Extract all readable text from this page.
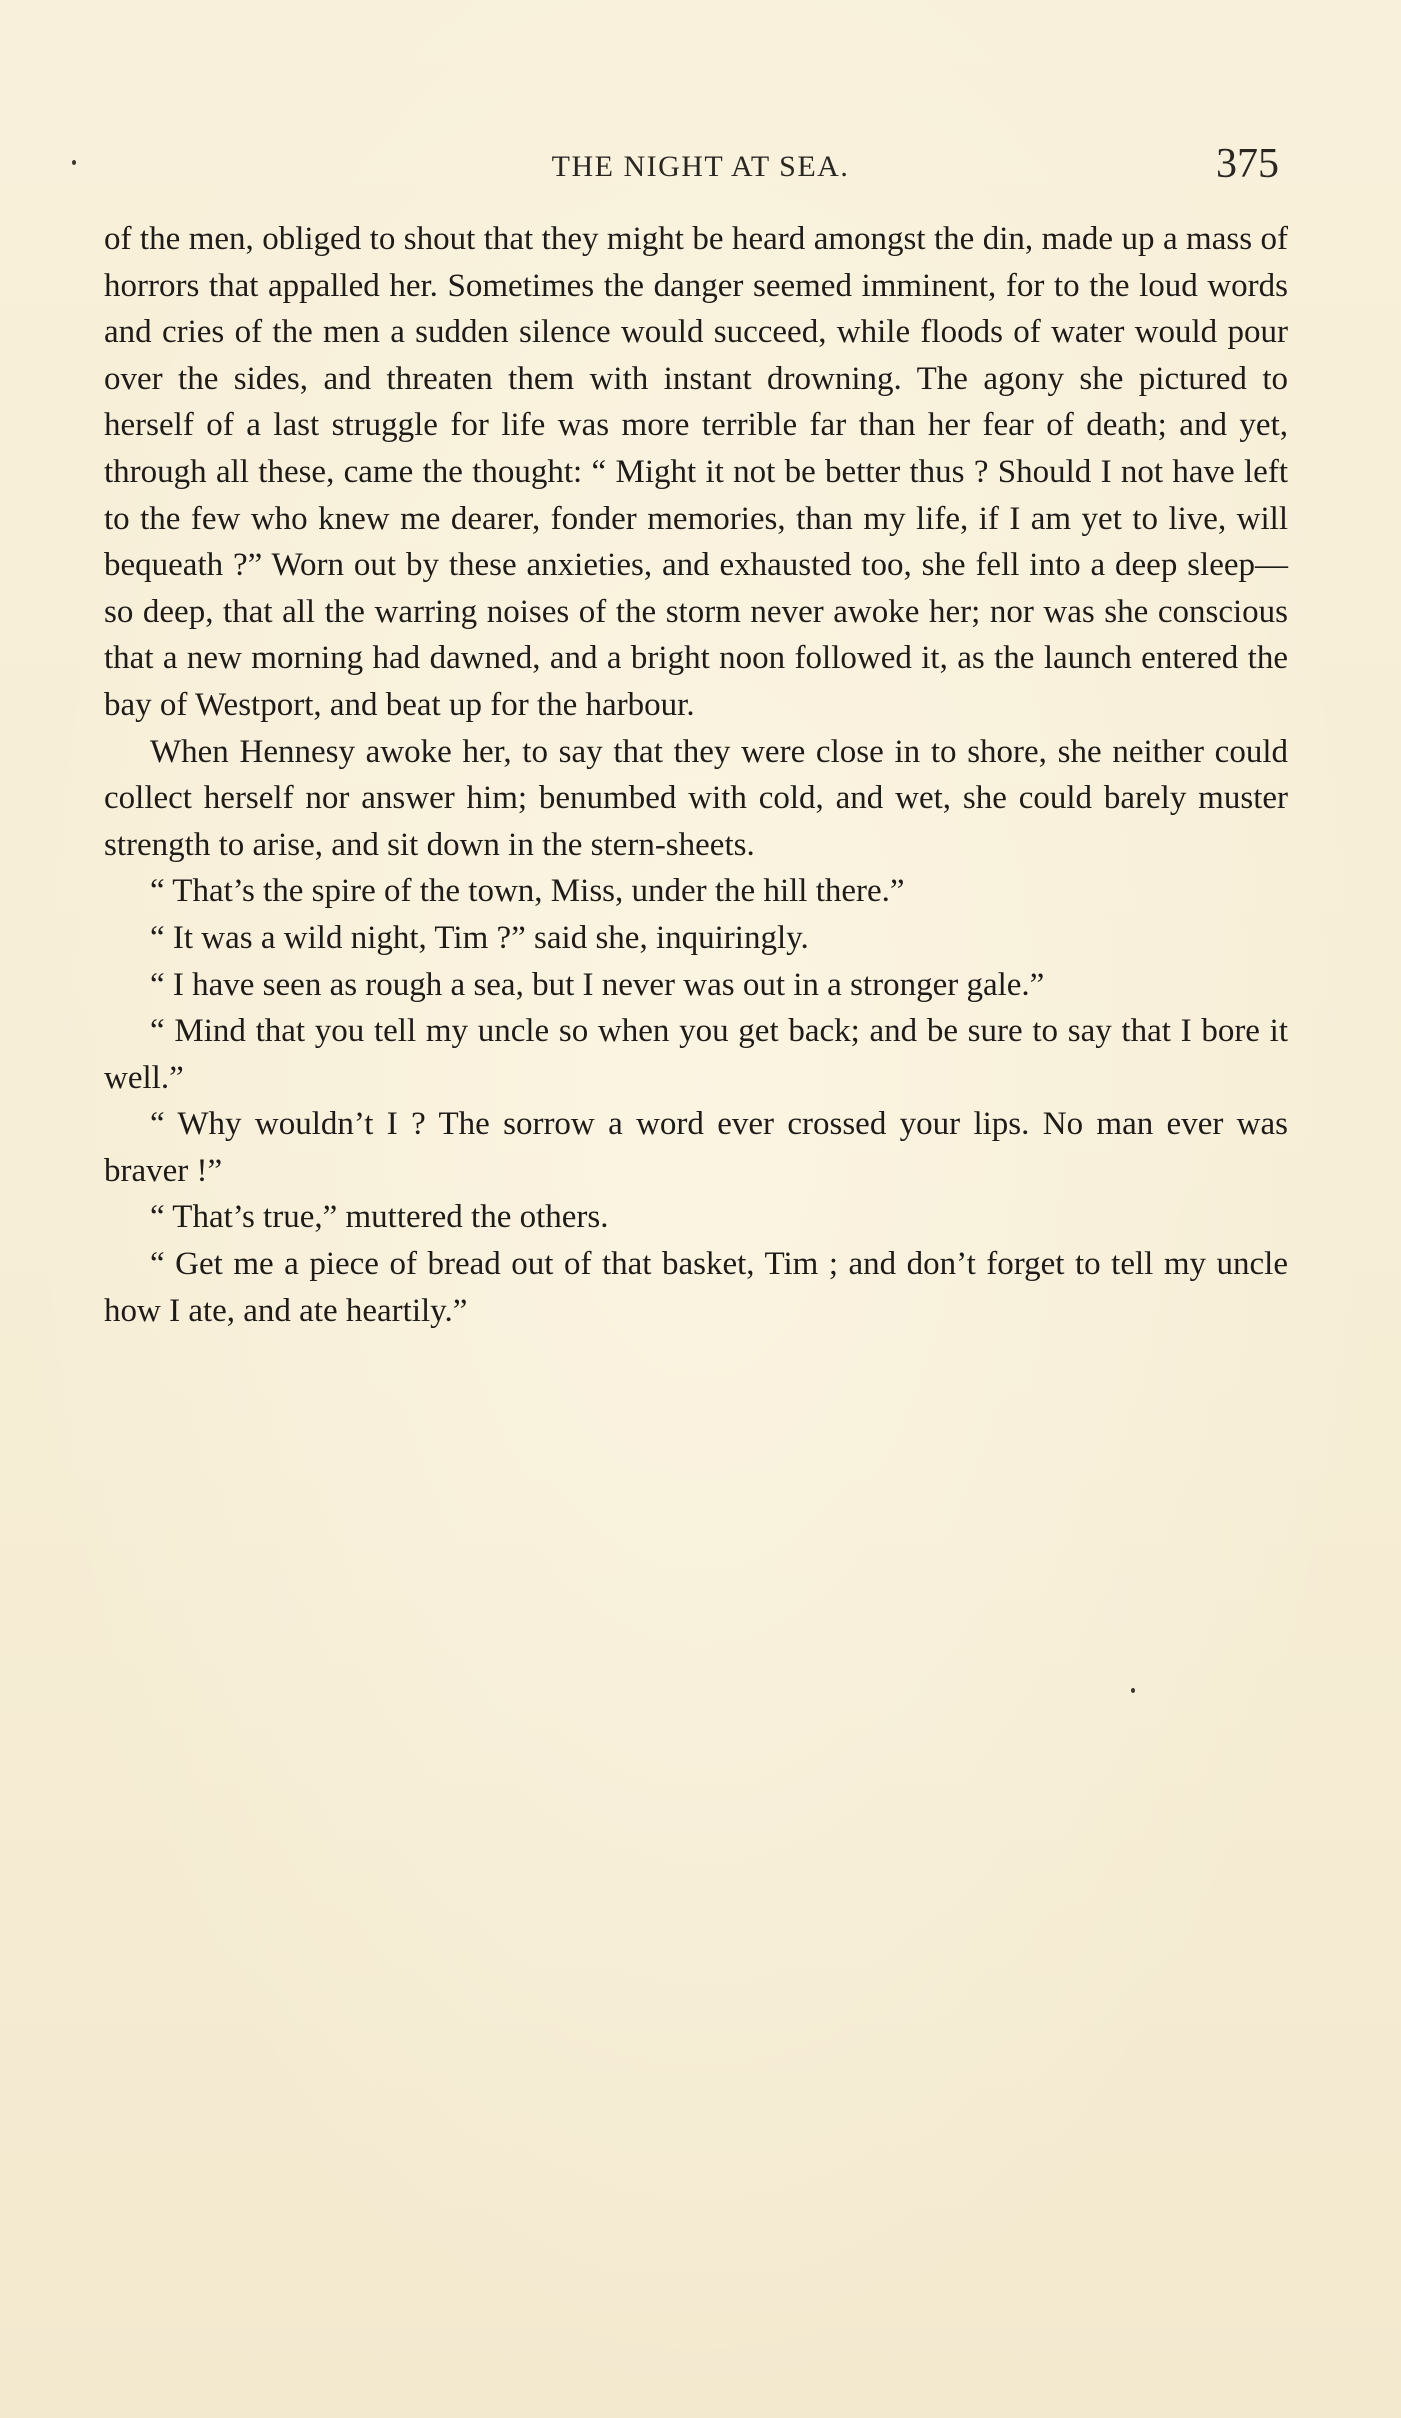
THE NIGHT AT SEA.	375

of the men, obliged to shout that they might be heard amongst the din, made up a mass of horrors that appalled her. Sometimes the danger seemed imminent, for to the loud words and cries of the men a sudden silence would succeed, while floods of water would pour over the sides, and threaten them with instant drowning. The agony she pictured to herself of a last struggle for life was more terrible far than her fear of death; and yet, through all these, came the thought: “ Might it not be better thus ? Should I not have left to the few who knew me dearer, fonder memories, than my life, if I am yet to live, will bequeath ?” Worn out by these anxieties, and exhausted too, she fell into a deep sleep—so deep, that all the warring noises of the storm never awoke her; nor was she conscious that a new morning had dawned, and a bright noon followed it, as the launch entered the bay of Westport, and beat up for the harbour.

When Hennesy awoke her, to say that they were close in to shore, she neither could collect herself nor answer him; benumbed with cold, and wet, she could barely muster strength to arise, and sit down in the stern-sheets.

“ That’s the spire of the town, Miss, under the hill there.”

“ It was a wild night, Tim ?” said she, inquiringly.

“ I have seen as rough a sea, but I never was out in a stronger gale.”

“ Mind that you tell my uncle so when you get back; and be sure to say that I bore it well.”

“ Why wouldn’t I ? The sorrow a word ever crossed your lips. No man ever was braver !”

“ That’s true,” muttered the others.

“ Get me a piece of bread out of that basket, Tim ; and don’t forget to tell my uncle how I ate, and ate heartily.”
